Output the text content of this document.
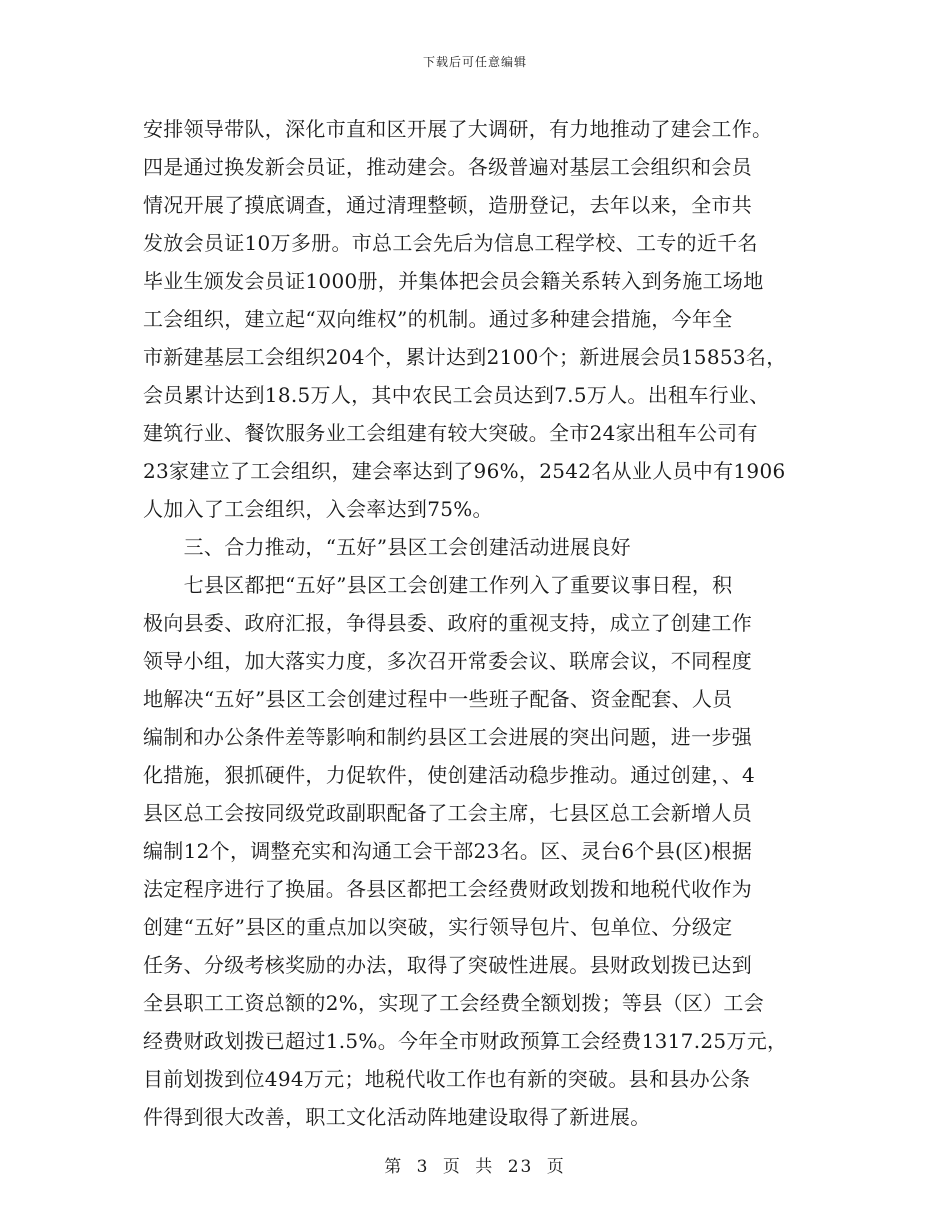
下载后可任意编辑
安排领导带队，深化市直和区开展了大调研，有力地推动了建会工作。
四是通过换发新会员证，推动建会。各级普遍对基层工会组织和会员
情况开展了摸底调查，通过清理整顿，造册登记，去年以来，全市共
发放会员证10万多册。市总工会先后为信息工程学校、工专的近千名
毕业生颁发会员证1000册，并集体把会员会籍关系转入到务施工场地
工会组织，建立起“双向维权”的机制。通过多种建会措施，今年全
市新建基层工会组织204个，累计达到2100个；新进展会员15853名，
会员累计达到18.5万人，其中农民工会员达到7.5万人。出租车行业、
建筑行业、餐饮服务业工会组建有较大突破。全市24家出租车公司有
23家建立了工会组织，建会率达到了96%，2542名从业人员中有1906
人加入了工会组织，入会率达到75%。
　　三、合力推动，“五好”县区工会创建活动进展良好
　　七县区都把“五好”县区工会创建工作列入了重要议事日程，积
极向县委、政府汇报，争得县委、政府的重视支持，成立了创建工作
领导小组，加大落实力度，多次召开常委会议、联席会议，不同程度
地解决“五好”县区工会创建过程中一些班子配备、资金配套、人员
编制和办公条件差等影响和制约县区工会进展的突出问题，进一步强
化措施，狠抓硬件，力促软件，使创建活动稳步推动。通过创建，、4
县区总工会按同级党政副职配备了工会主席，七县区总工会新增人员
编制12个，调整充实和沟通工会干部23名。区、灵台6个县(区)根据
法定程序进行了换届。各县区都把工会经费财政划拨和地税代收作为
创建“五好”县区的重点加以突破，实行领导包片、包单位、分级定
任务、分级考核奖励的办法，取得了突破性进展。县财政划拨已达到
全县职工工资总额的2%，实现了工会经费全额划拨；等县（区）工会
经费财政划拨已超过1.5%。今年全市财政预算工会经费1317.25万元，
目前划拨到位494万元；地税代收工作也有新的突破。县和县办公条
件得到很大改善，职工文化活动阵地建设取得了新进展。
第 3 页 共 23 页
